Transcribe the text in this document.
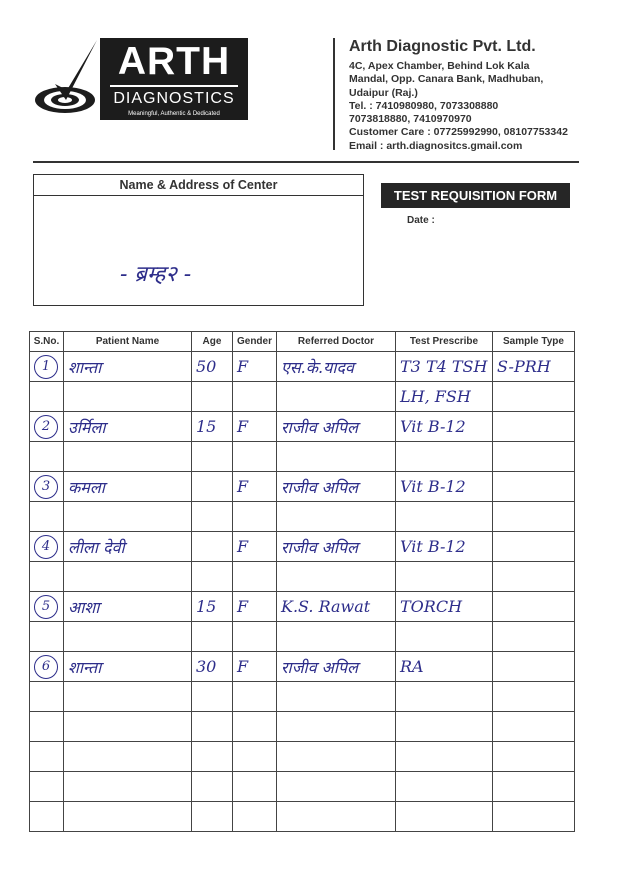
ARTH
DIAGNOSTICS
Meaningful, Authentic & Dedicated
Arth Diagnostic Pvt. Ltd.
4C, Apex Chamber, Behind Lok Kala
Mandal, Opp. Canara Bank, Madhuban,
Udaipur (Raj.)
Tel. : 7410980980, 7073308880
7073818880, 7410970970
Customer Care : 07725992990, 08107753342
Email : arth.diagnositcs.gmail.com
Name & Address of Center
- ब्रम्ह२ -
TEST REQUISITION FORM
Date :
S.No.	Patient Name	Age	Gender	Referred Doctor	Test Prescribe	Sample Type
1	शान्ता	50	F	एस.के.यादव	T3 T4 TSH	S-PRH
					LH, FSH	
2	उर्मिला	15	F	राजीव अपिल	Vit B-12	

3	कमला		F	राजीव अपिल	Vit B-12	

4	लीला देवी		F	राजीव अपिल	Vit B-12	

5	आशा	15	F	K.S. Rawat	TORCH	

6	शान्ता	30	F	राजीव अपिल	RA	
